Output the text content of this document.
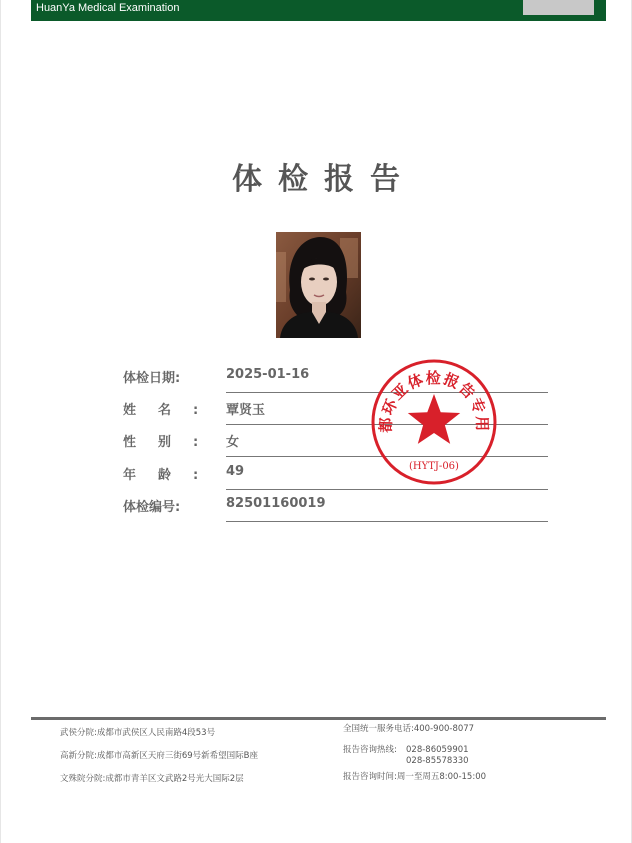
HuanYa Medical Examination
体检报告
体检日期:	2025-01-16
姓名: 覃贤玉
性别: 女
年龄: 49
体检编号:	82501160019
都环亚体检报告专用
(HYTJ-06)
武侯分院:成都市武侯区人民南路4段53号
高新分院:成都市高新区天府三街69号新希望国际B座
文殊院分院:成都市青羊区文武路2号光大国际2层
全国统一服务电话:400-900-8077
报告咨询热线: 028-86059901
028-85578330
报告咨询时间:周一至周五8:00-15:00
